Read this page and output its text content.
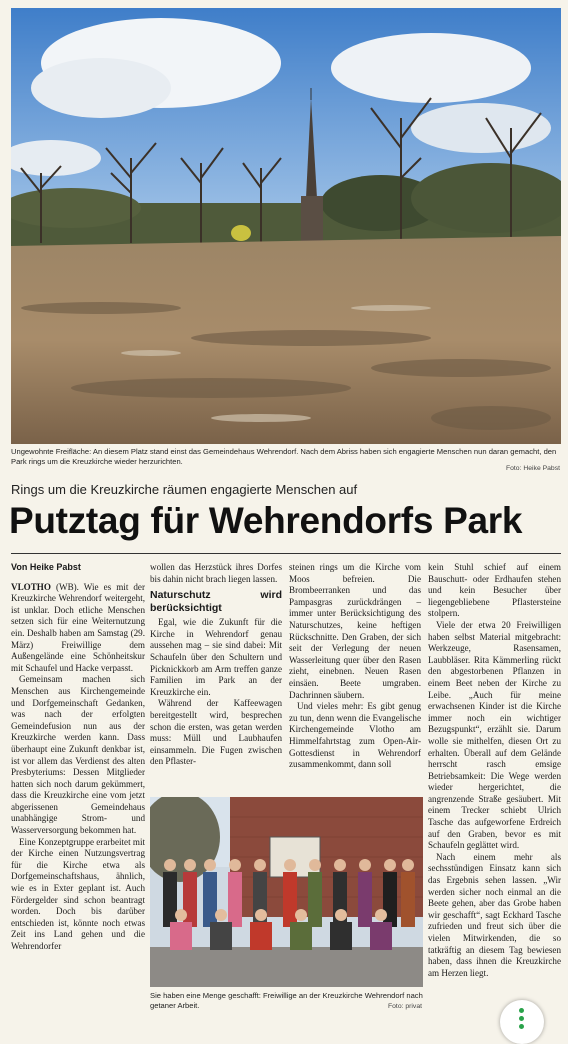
Ungewohnte Freifläche: An diesem Platz stand einst das Gemeindehaus Wehrendorf. Nach dem Abriss haben sich engagierte Menschen nun daran gemacht, den Park rings um die Kreuzkirche wieder herzurichten.
Foto: Heike Pabst
Rings um die Kreuzkirche räumen engagierte Menschen auf
Putztag für Wehrendorfs Park
Von Heike Pabst

VLOTHO (WB). Wie es mit der Kreuzkirche Wehrendorf weitergeht, ist unklar. Doch etliche Menschen setzen sich für eine Weiternutzung ein. Deshalb haben am Samstag (29. März) Freiwillige dem Außengelände eine Schönheitskur mit Schaufel und Hacke verpasst.

Gemeinsam machen sich Menschen aus Kirchengemeinde und Dorfgemeinschaft Gedanken, was nach der erfolgten Gemeindefusion nun aus der Kreuzkirche werden kann. Dass überhaupt eine Zukunft denkbar ist, ist vor allem das Verdienst des alten Presbyteriums: Dessen Mitglieder hatten sich noch darum gekümmert, dass die Kreuzkirche eine vom jetzt abgerissenen Gemeindehaus unabhängige Strom- und Wasserversorgung bekommen hat.

Eine Konzeptgruppe erarbeitet mit der Kirche einen Nutzungsvertrag für die Kirche etwa als Dorfgemeinschaftshaus, ähnlich, wie es in Exter geplant ist. Auch Fördergelder sind schon beantragt worden. Doch bis darüber entschieden ist, könnte noch etwas Zeit ins Land gehen und die Wehrendorfer

wollen das Herzstück ihres Dorfes bis dahin nicht brach liegen lassen.

Naturschutz wird berücksichtigt

Egal, wie die Zukunft für die Kirche in Wehrendorf genau aussehen mag – sie sind dabei: Mit Schaufeln über den Schultern und Picknickkorb am Arm treffen ganze Familien im Park an der Kreuzkirche ein.

Während der Kaffeewagen bereitgestellt wird, besprechen schon die ersten, was getan werden muss: Müll und Laubhaufen einsammeln. Die Fugen zwischen den Pflaster-

steinen rings um die Kirche vom Moos befreien. Die Brombeerranken und das Pampasgras zurückdrängen – immer unter Berücksichtigung des Naturschutzes, keine heftigen Rückschnitte. Den Graben, der sich seit der Verlegung der neuen Wasserleitung quer über den Rasen zieht, einebnen. Neuen Rasen einsäen. Beete umgraben. Dachrinnen säubern.

Und vieles mehr: Es gibt genug zu tun, denn wenn die Evangelische Kirchengemeinde Vlotho am Himmelfahrtstag zum Open-Air-Gottesdienst in Wehrendorf zusammenkommt, dann soll

kein Stuhl schief auf einem Bauschutt- oder Erdhaufen stehen und kein Besucher über liegengebliebene Pflastersteine stolpern.

Viele der etwa 20 Freiwilligen haben selbst Material mitgebracht: Werkzeuge, Rasensamen, Laubbläser. Rita Kämmerling rückt den abgestorbenen Pflanzen in einem Beet neben der Kirche zu Leibe. „Auch für meine erwachsenen Kinder ist die Kirche immer noch ein wichtiger Bezugspunkt“, erzählt sie. Darum wolle sie mithelfen, diesen Ort zu erhalten. Überall auf dem Gelände herrscht rasch emsige Betriebsamkeit: Die Wege werden wieder hergerichtet, die angrenzende Straße gesäubert. Mit einem Trecker schiebt Ulrich Tasche das aufgeworfene Erdreich auf den Graben, bevor es mit Schaufeln geglättet wird.

Nach einem mehr als sechsstündigen Einsatz kann sich das Ergebnis sehen lassen. „Wir werden sicher noch einmal an die Beete gehen, aber das Grobe haben wir geschafft“, sagt Eckhard Tasche zufrieden und freut sich über die vielen Mitwirkenden, die so tatkräftig an diesem Tag bewiesen haben, dass ihnen die Kreuzkirche am Herzen liegt.

Sie haben eine Menge geschafft: Freiwillige an der Kreuzkirche Wehrendorf nach getaner Arbeit.	Foto: privat
